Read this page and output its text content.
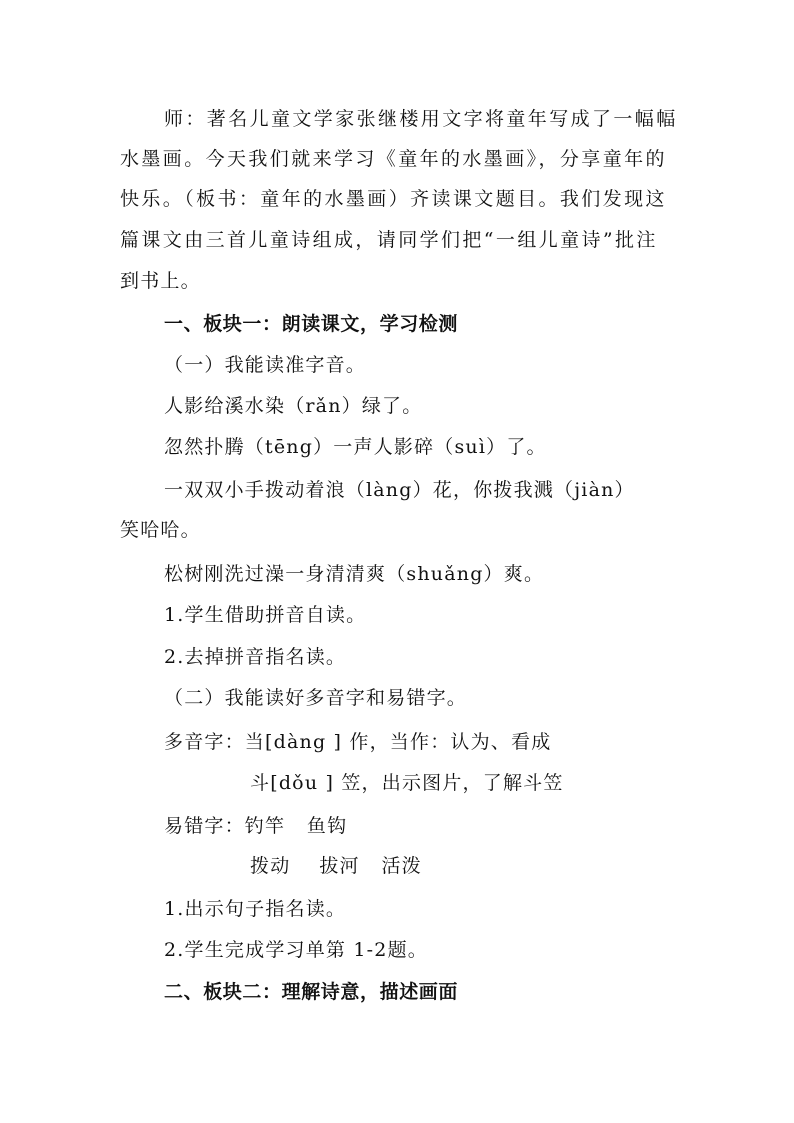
师：著名儿童文学家张继楼用文字将童年写成了一幅幅
水墨画。今天我们就来学习《童年的水墨画》，分享童年的
快乐。（板书：童年的水墨画）齐读课文题目。我们发现这
篇课文由三首儿童诗组成，请同学们把“一组儿童诗”批注
到书上。
一、板块一：朗读课文，学习检测
（一）我能读准字音。
人影给溪水染（rǎn）绿了。
忽然扑腾（tēng）一声人影碎（suì）了。
一双双小手拨动着浪（làng）花，你拨我溅（jiàn）
笑哈哈。
松树刚洗过澡一身清清爽（shuǎng）爽。
1.学生借助拼音自读。
2.去掉拼音指名读。
（二）我能读好多音字和易错字。
多音字：当[dàng ] 作，当作：认为、看成
斗[dǒu ] 笠，出示图片，了解斗笠
易错字：钓竿   鱼钩
拨动    拔河   活泼
1.出示句子指名读。
2.学生完成学习单第 1-2题。
二、板块二：理解诗意，描述画面
